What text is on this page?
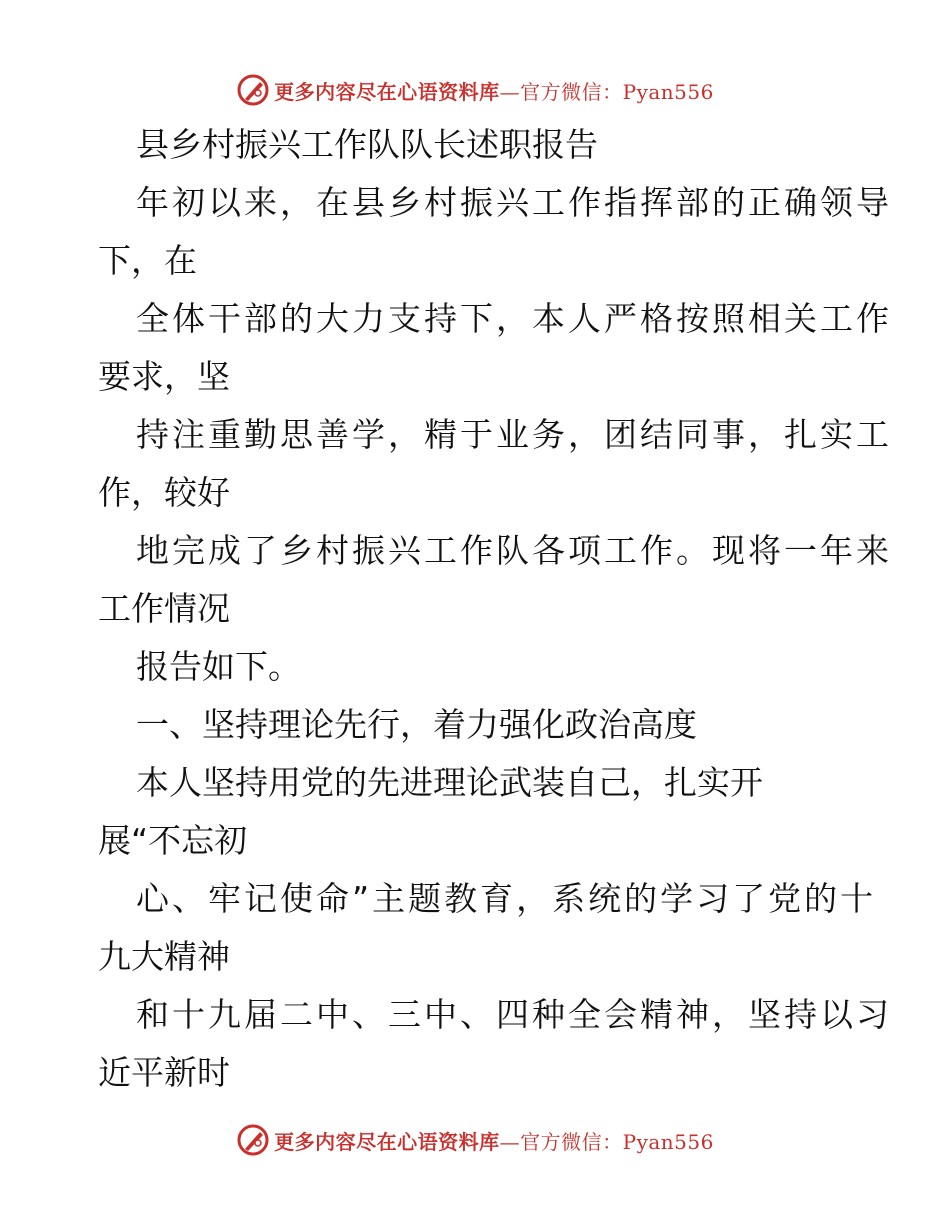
更多内容尽在心语资料库—官方微信：Pyan556
县乡村振兴工作队队长述职报告
年初以来，在县乡村振兴工作指挥部的正确领导
下，在
全体干部的大力支持下，本人严格按照相关工作
要求，坚
持注重勤思善学，精于业务，团结同事，扎实工
作，较好
地完成了乡村振兴工作队各项工作。现将一年来
工作情况
报告如下。
一、坚持理论先行，着力强化政治高度
本人坚持用党的先进理论武装自己，扎实开
展“不忘初
心、牢记使命”主题教育，系统的学习了党的十
九大精神
和十九届二中、三中、四种全会精神，坚持以习
近平新时
更多内容尽在心语资料库—官方微信：Pyan556
